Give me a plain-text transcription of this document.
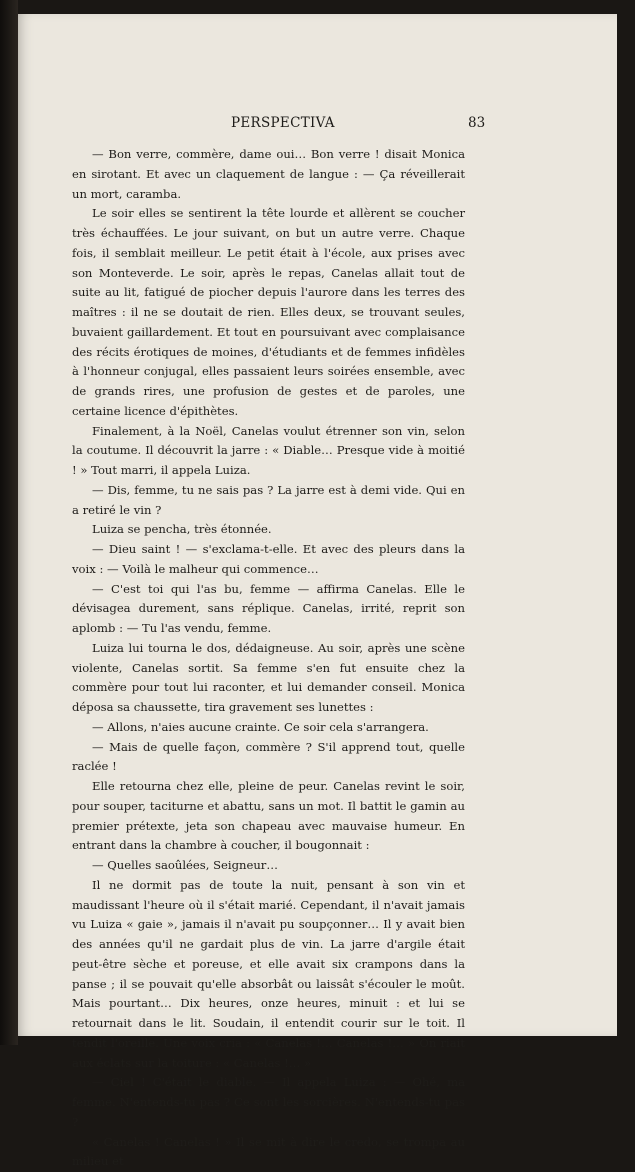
PERSPECTIVA	83

— Bon verre, commère, dame oui… Bon verre ! disait Monica en sirotant. Et avec un claquement de langue : — Ça réveillerait un mort, caramba.

Le soir elles se sentirent la tête lourde et allèrent se coucher très échauffées. Le jour suivant, on but un autre verre. Chaque fois, il semblait meilleur. Le petit était à l'école, aux prises avec son Monteverde. Le soir, après le repas, Canelas allait tout de suite au lit, fatigué de piocher depuis l'aurore dans les terres des maîtres : il ne se doutait de rien. Elles deux, se trouvant seules, buvaient gaillardement. Et tout en poursuivant avec complaisance des récits érotiques de moines, d'étudiants et de femmes infidèles à l'honneur conjugal, elles passaient leurs soirées ensemble, avec de grands rires, une profusion de gestes et de paroles, une certaine licence d'épithètes.

Finalement, à la Noël, Canelas voulut étrenner son vin, selon la coutume. Il découvrit la jarre : « Diable… Presque vide à moitié ! » Tout marri, il appela Luiza.

— Dis, femme, tu ne sais pas ? La jarre est à demi vide. Qui en a retiré le vin ?

Luiza se pencha, très étonnée.

— Dieu saint ! — s'exclama-t-elle. Et avec des pleurs dans la voix : — Voilà le malheur qui commence…

— C'est toi qui l'as bu, femme — affirma Canelas. Elle le dévisagea durement, sans réplique. Canelas, irrité, reprit son aplomb : — Tu l'as vendu, femme.

Luiza lui tourna le dos, dédaigneuse. Au soir, après une scène violente, Canelas sortit. Sa femme s'en fut ensuite chez la commère pour tout lui raconter, et lui demander conseil. Monica déposa sa chaussette, tira gravement ses lunettes :

— Allons, n'aies aucune crainte. Ce soir cela s'arrangera.

— Mais de quelle façon, commère ? S'il apprend tout, quelle raclée !

Elle retourna chez elle, pleine de peur. Canelas revint le soir, pour souper, taciturne et abattu, sans un mot. Il battit le gamin au premier prétexte, jeta son chapeau avec mauvaise humeur. En entrant dans la chambre à coucher, il bougonnait :

— Quelles saoûlées, Seigneur…

Il ne dormit pas de toute la nuit, pensant à son vin et maudissant l'heure où il s'était marié. Cependant, il n'avait jamais vu Luiza « gaie », jamais il n'avait pu soupçonner… Il y avait bien des années qu'il ne gardait plus de vin. La jarre d'argile était peut-être sèche et poreuse, et elle avait six crampons dans la panse ; il se pouvait qu'elle absorbât ou laissât s'écouler le moût. Mais pourtant… Dix heures, onze heures, minuit : et lui se retournait dans le lit. Soudain, il entendit courir sur le toit. Il tendit l'oreille. Une voix cria : « Canelas !… Canelas !… » On riait aux éclats sur la toiture : « Canelas !… »

— Ciel ! C'était le diable. — Il appela Luiza : — Ohé, ma femme. N'entends-tu pas ? Ce sont les sorcières. N'entends-tu pas ?

« Canelas ! Canelas ! » Il se mit à dire le credo, se trompa au milieu et
